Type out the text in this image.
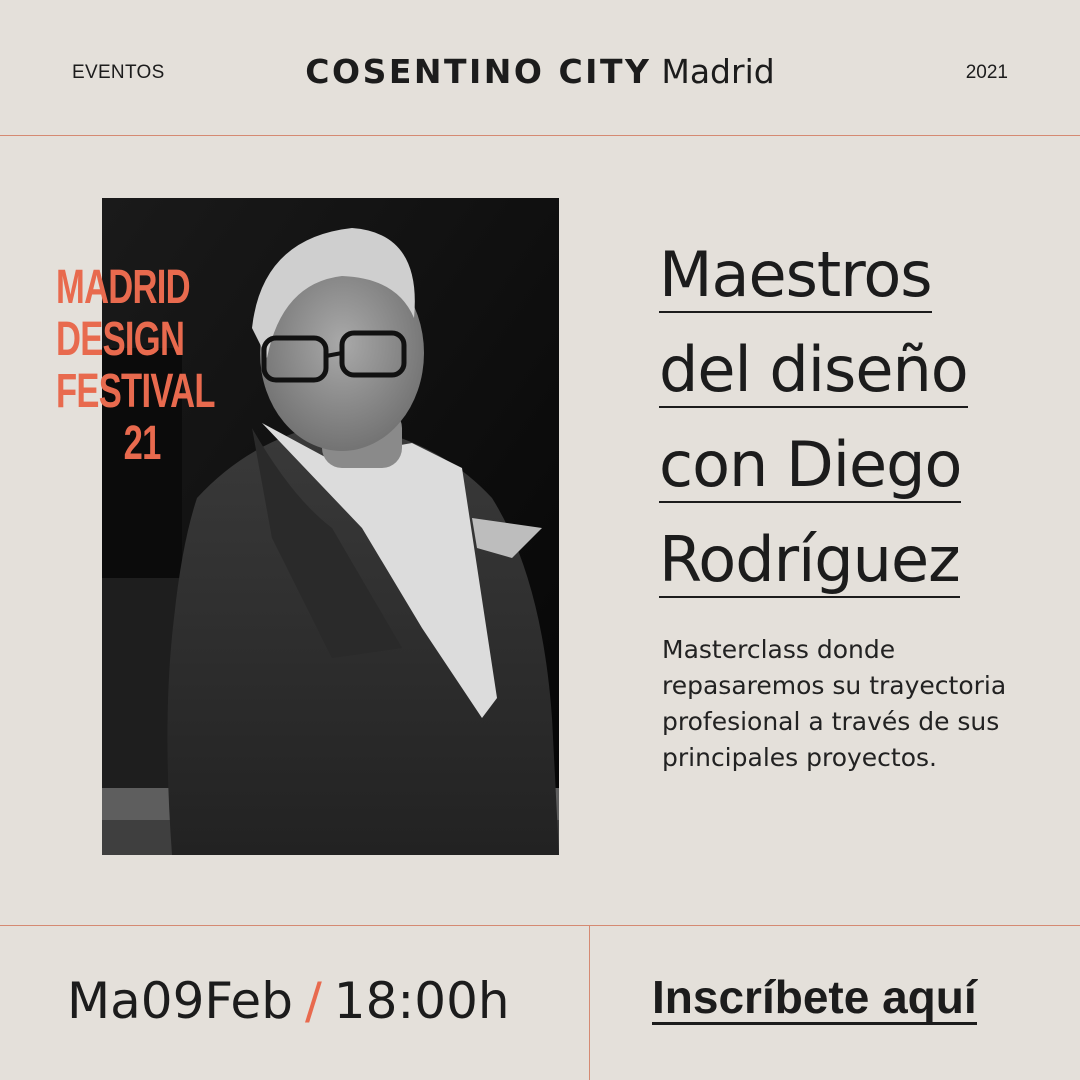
EVENTOS	COSENTINO CITY Madrid	2021
MADRID
DESIGN
FESTIVAL
21
Maestros
del diseño
con Diego
Rodríguez
Masterclass donde repasaremos su trayectoria profesional a través de sus principales proyectos.
Ma09Feb / 18:00h	Inscríbete aquí
